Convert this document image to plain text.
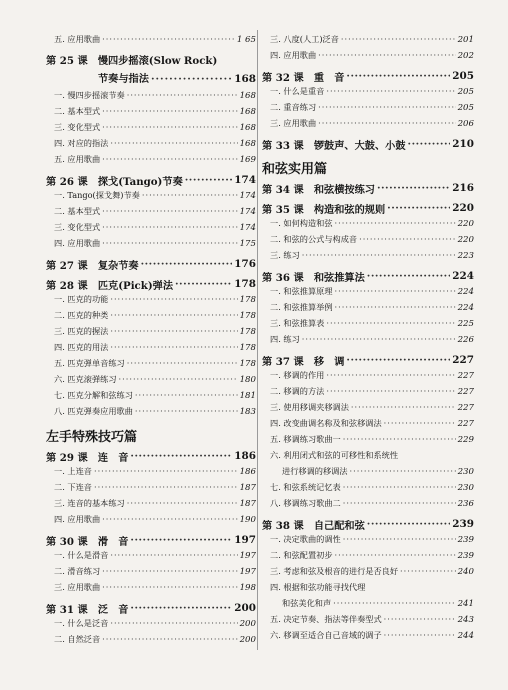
五. 应用歌曲 ·····	1 65
第 25 课　慢四步摇滚(Slow Rock)
节奏与指法 ·····	168
一. 慢四步摇滚节奏 ·····	168
二. 基本型式 ·····	168
三. 变化型式 ·····	168
四. 对应的指法 ·····	168
五. 应用歌曲 ·····	169
第 26 课　探戈(Tango)节奏 ·····	174
一. Tango(探戈舞)节奏 ·····	174
二. 基本型式 ·····	174
三. 变化型式 ·····	174
四. 应用歌曲 ·····	175
第 27 课　复杂节奏 ·····	176
第 28 课　匹克(Pick)弹法 ·····	178
一. 匹克的功能 ·····	178
二. 匹克的种类 ·····	178
三. 匹克的握法 ·····	178
四. 匹克的用法 ·····	178
五. 匹克弹单音练习 ·····	178
六. 匹克滚弹练习 ·····	180
七. 匹克分解和弦练习 ·····	181
八. 匹克弹奏应用歌曲 ·····	183
左手特殊技巧篇
第 29 课　连　音 ·····	186
一. 上连音 ·····	186
二. 下连音 ·····	187
三. 连音的基本练习 ·····	187
四. 应用歌曲 ·····	190
第 30 课　滑　音 ·····	197
一. 什么是滑音 ·····	197
二. 滑音练习 ·····	197
三. 应用歌曲 ·····	198
第 31 课　泛　音 ·····	200
一. 什么是泛音 ·····	200
二. 自然泛音 ·····	200
三. 八度(人工)泛音 ·····	201
四. 应用歌曲 ·····	202
第 32 课　重　音 ·····	205
一. 什么是重音 ·····	205
二. 重音练习 ·····	205
三. 应用歌曲 ·····	206
第 33 课　锣鼓声、大鼓、小鼓 ·····	210
和弦实用篇
第 34 课　和弦横按练习 ·····	216
第 35 课　构造和弦的规则 ·····	220
一. 如何构造和弦 ·····	220
二. 和弦的公式与构成音 ·····	220
三. 练习 ·····	223
第 36 课　和弦推算法 ·····	224
一. 和弦推算原理 ·····	224
二. 和弦推算举例 ·····	224
三. 和弦推算表 ·····	225
四. 练习 ·····	226
第 37 课　移　调 ·····	227
一. 移调的作用 ·····	227
二. 移调的方法 ·····	227
三. 使用移调夹移调法 ·····	227
四. 改变曲调名称及和弦移调法 ·····	227
五. 移调练习歌曲一 ·····	229
六. 利用闭式和弦的可移性和系统性
进行移调的移调法 ·····	230
七. 和弦系统记忆表 ·····	230
八. 移调练习歌曲二 ·····	236
第 38 课　自己配和弦 ·····	239
一. 决定歌曲的调性 ·····	239
二. 和弦配置初步 ·····	239
三. 考虑和弦及根音的进行是否良好 ·····	240
四. 根据和弦功能寻找代理
和弦美化和声 ·····	241
五. 决定节奏、指法等伴奏型式 ·····	243
六. 移调至适合自己音域的调子 ·····	244
